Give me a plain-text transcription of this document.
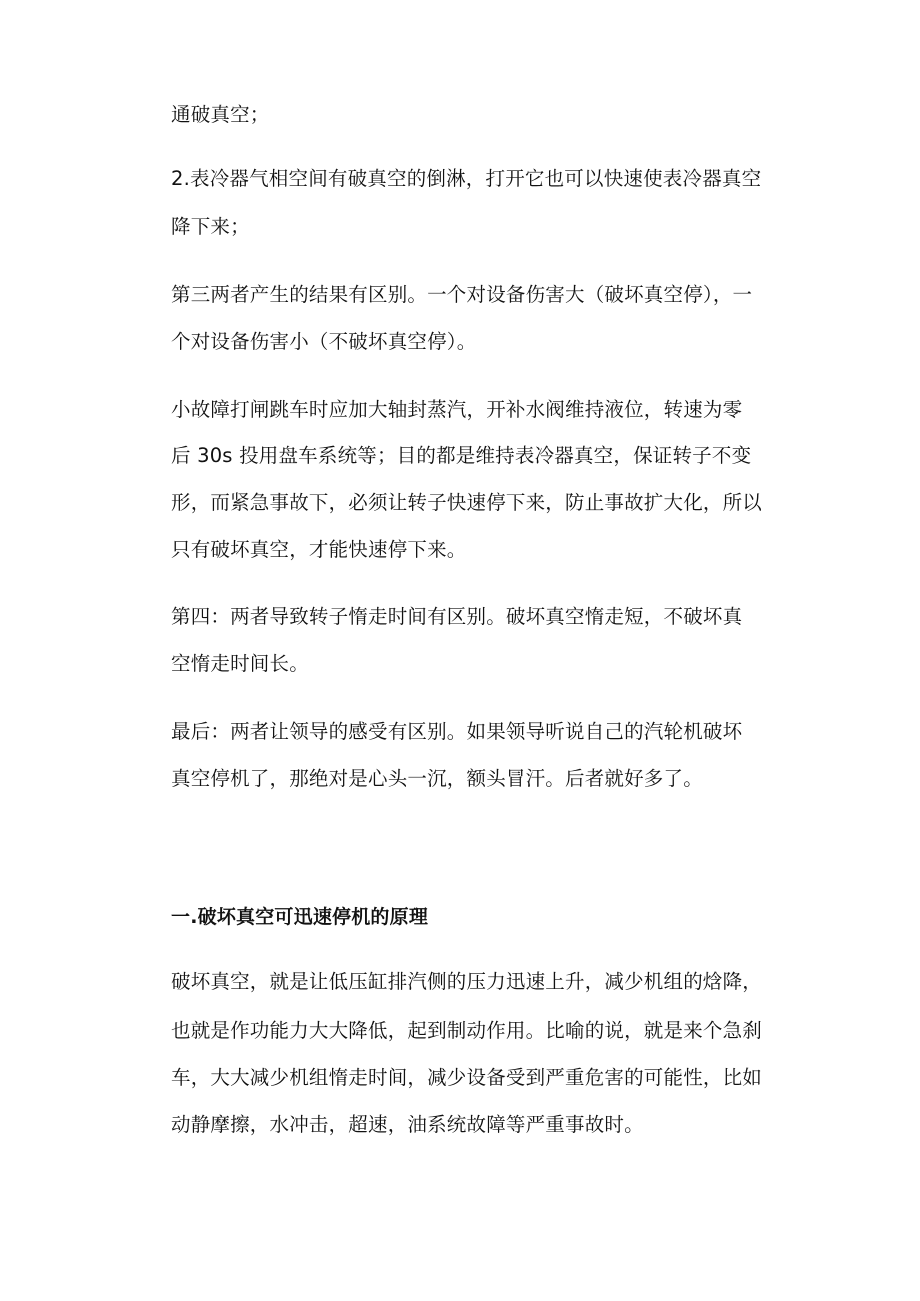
通破真空；
2.表冷器气相空间有破真空的倒淋，打开它也可以快速使表冷器真空
降下来；
第三两者产生的结果有区别。一个对设备伤害大（破坏真空停），一
个对设备伤害小（不破坏真空停）。
小故障打闸跳车时应加大轴封蒸汽，开补水阀维持液位，转速为零
后 30s 投用盘车系统等；目的都是维持表冷器真空，保证转子不变
形，而紧急事故下，必须让转子快速停下来，防止事故扩大化，所以
只有破坏真空，才能快速停下来。
第四：两者导致转子惰走时间有区别。破坏真空惰走短，不破坏真
空惰走时间长。
最后：两者让领导的感受有区别。如果领导听说自己的汽轮机破坏
真空停机了，那绝对是心头一沉，额头冒汗。后者就好多了。
一.破坏真空可迅速停机的原理
破坏真空，就是让低压缸排汽侧的压力迅速上升，减少机组的焓降，
也就是作功能力大大降低，起到制动作用。比喻的说，就是来个急刹
车，大大减少机组惰走时间，减少设备受到严重危害的可能性，比如
动静摩擦，水冲击，超速，油系统故障等严重事故时。
